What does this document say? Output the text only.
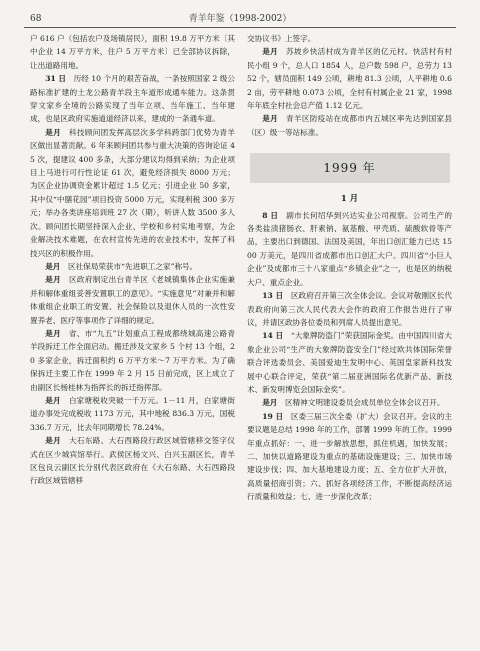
68	青羊年鉴（1998-2002）

户 616 户（包括农户及场镇居民），面积 19.8 万平方米〔其中企业 14 万平方米，住户 5 万平方米〕已全部协议拆除，让出道路用地。

31 日　历经 10 个月的艰苦奋战，一条按照国家 2 级公路标准扩建的土龙公路青羊段主车道形成通车能力。这条贯穿文家乡全境的公路实现了当年立项、当年施工、当年建成，也是区政府实施道道经济以来，建成的一条通车道。

是月　科技顾问团发挥高层次多学科跨部门优势为青羊区做出显著贡献。6 年来顾问团共参与重大决策的咨询论证 45 次，提建议 400 多条，大部分建议均得到采纳；为企业项目上马进行可行性论证 61 次，避免经济损失 8000 万元；为区企业协调资金累计超过 1.5 亿元；引进企业 50 多家，其中仅“中膳花园”项目投资 5000 万元，实现利税 300 多万元；举办各类讲座培训班 27 次（期），听讲人数 3500 多人次。顾问团长期坚持深入企业、学校和乡村实地考察，为企业解决技术难题，在农村宣传先进的农业技术中，发挥了科技兴区的积极作用。

是月　区社保局荣获市“先进职工之家”称号。

是月　区政府制定出台青羊区《老城镇集体企业实施兼并和解体重组妥善安置职工的意见》。“实施意见”对兼并和解体重组企业职工的安置、社会保险以及退休人员的一次性安置养老、医疗等事项作了详细的规定。

是月　省、市“九五”计划重点工程成都绕城高速公路青羊段拆迁工作全面启动。搬迁涉及文家乡 5 个村 13 个组，20 多家企业，拆迁面积约 6 万平方米～7 万平方米。为了确保拆迁主要工作在 1999 年 2 月 15 日前完成，区上成立了由副区长杨桂林为指挥长的拆迁指挥部。

是月　白家塘税收突破一千万元。1－11 月，白家塘街道办事处完成税收 1173 万元，其中地税 836.3 万元，国税 336.7 万元，比去年同期增长 78.24%。

是月　大石东路、大石西路段行政区域管辖移交签字仪式在区少城宾馆举行。武侯区杨文兴、白兴玉副区长，青羊区包良云副区长分别代表区政府在《大石东路、大石西路段行政区域管辖移

交协议书》上签字。

是月　苏坡乡快活村成为青羊区的亿元村。快活村有村民小组 9 个，总人口 1854 人，总户数 598 户，总劳力 1352 个，辖员面积 149 公顷，耕地 81.3 公顷，人平耕地 0.62 亩，劳平耕地 0.073 公顷，全村有村属企业 21 家，1998 年年底全村社会总产值 1.12 亿元。

是月　青羊区防疫站在成都市内五城区率先达到国家县（区）级一等站标准。

1999 年
1 月

8 日　副市长何绍华到兴达实业公司视察。公司生产的各类盐渍猪肠衣、肝素钠、氨基酸、甲壳质、硫酸软骨等产品，主要出口到德国、法国及美国，年出口创汇能力已达 1500 万美元，是四川省成都市出口创汇大户。四川省“小巨人企业”及成都市三十八家重点“乡镇企业”之一，也是区的纳税大户、重点企业。

13 日　区政府召开第三次全体会议。会议对敬刚区长代表政府向第三次人民代表大会作的政府工作报告进行了审议，并请区政协各位委员和列席人员提出意见。

14 日　“大象牌防盗门”荣获国际金奖。由中国四川省大象企业公司“生产的大象牌防盗安全门”经过欧共体国际荣誉联合评选委员会、美国爱迪生发明中心、英国皇家新科技发展中心联合评定，荣获“第二届亚洲国际名优新产品、新技术、新发明博览会国际金奖”。

是月　区精神文明建设委员会成员单位全体会议召开。

19 日　区委三届三次全委（扩大）会议召开。会议的主要议题是总结 1998 年的工作，部署 1999 年的工作。1999 年重点抓好：一、进一步解放思想，抓住机遇，加快发展；二、加快以道路建设为重点的基础设施建设；三、加快市场建设步伐；四、加大基地建设力度；五、全方位扩大开放，高质量招商引资；六、抓好各项经济工作，不断提高经济运行质量和效益；七、进一步深化改革；
